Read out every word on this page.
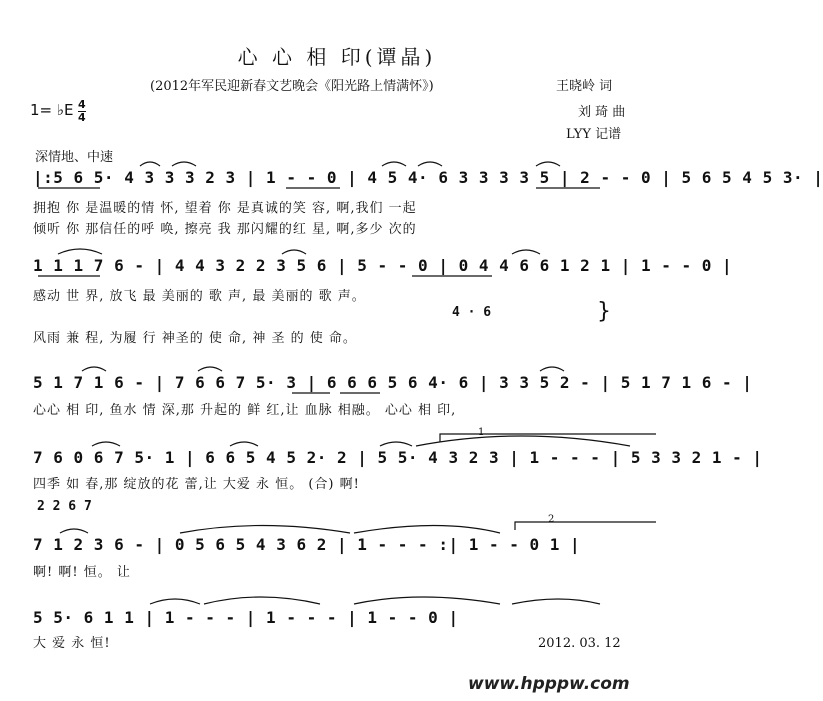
心 心 相 印(谭晶)
(2012年军民迎新春文艺晚会《阳光路上情满怀》)	王晓岭 词
刘 琦 曲
LYY 记谱
1= ♭E $\frac{4}{4}$
深情地、中速
|:5 6 5· 4 3 3 3 2 3 | 1 - - 0 | 4 5 4· 6 3 3 3 3 5 | 2 - - 0 | 5 6 5 4 5 3· |
拥抱 你 是温暖的情 怀, 望着 你 是真诚的笑 容, 啊,我们 一起
倾听 你 那信任的呼 唤, 擦亮 我 那闪耀的红 星, 啊,多少 次的
1 1 1 7 6 - | 4 4 3 2 2 3 5 6 | 5 - - 0 | 0 4 4 6 6 1 2 1 | 1 - - 0 |
感动 世 界, 放飞 最 美丽的 歌 声, 最 美丽的 歌 声。
4 · 6	}
风雨 兼 程, 为履 行 神圣的 使 命, 神 圣 的 使 命。
5 1 7 1 6 - | 7 6 6 7 5· 3 | 6 6 6 5 6 4· 6 | 3 3 5 2 - | 5 1 7 1 6 - |
心心 相 印, 鱼水 情 深,那 升起的 鲜 红,让 血脉 相融。 心心 相 印,
7 6 0 6 7 5· 1 | 6 6 5 4 5 2· 2 | 5 5· 4 3 2 3 | 1 - - - | 5 3 3 2 1 - |
四季 如 春,那 绽放的花 蕾,让 大爱 永 恒。 (合) 啊!
1
2 2 6 7
7 1 2 3 6 - | 0 5 6 5 4 3 6 2 | 1 - - - :| 1 - - 0 1 |
啊! 啊! 恒。 让
2
5 5· 6 1 1 | 1 - - - | 1 - - - | 1 - - 0 |
大 爱 永 恒!	2012. 03. 12
www.hpppw.com
